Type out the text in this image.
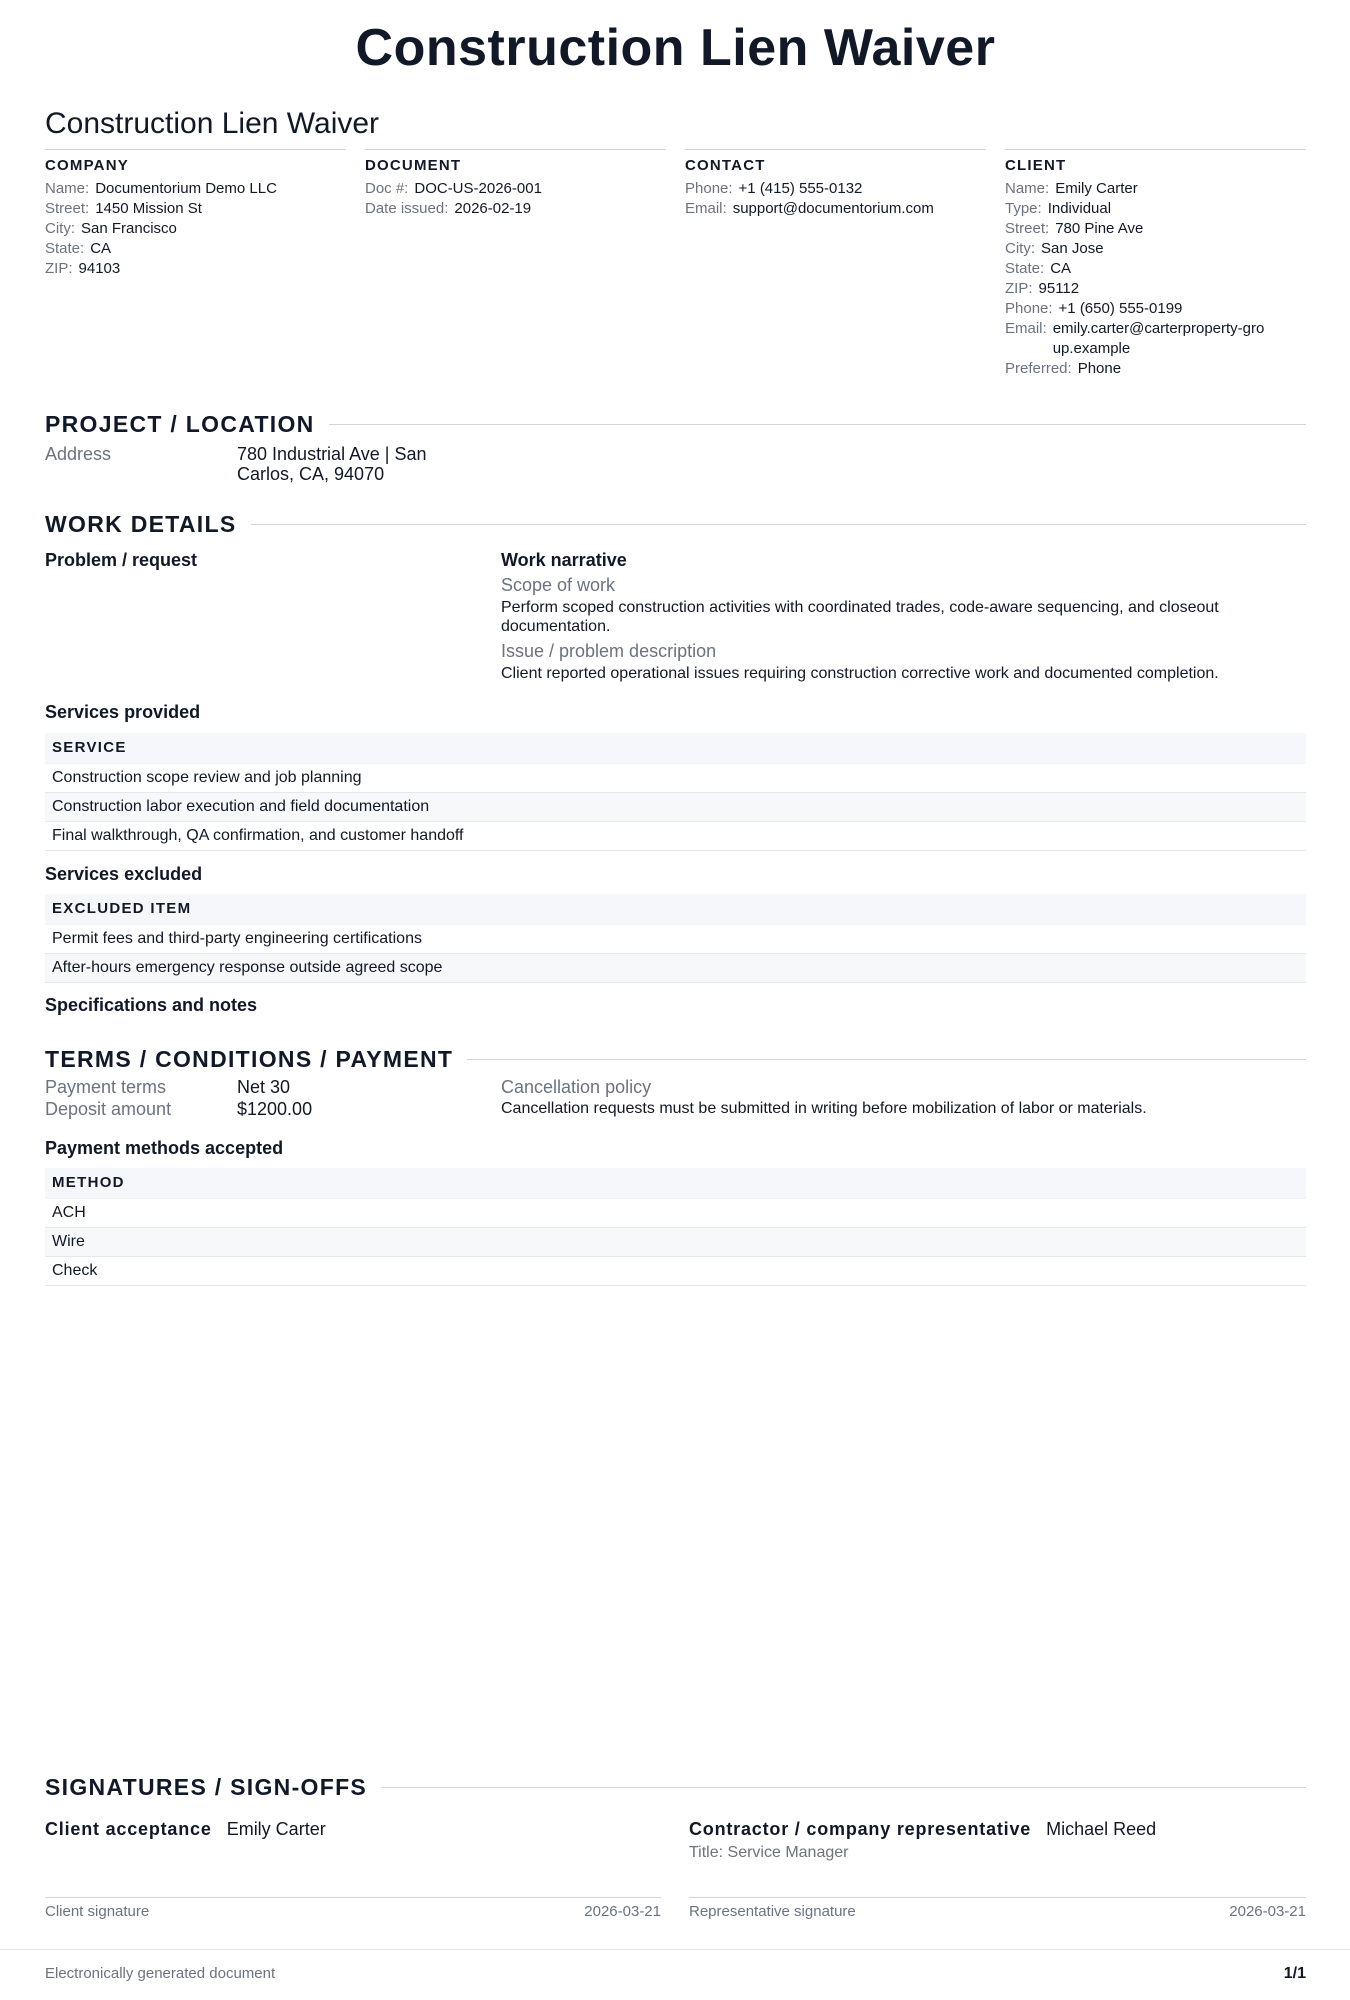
Construction Lien Waiver
Construction Lien Waiver
COMPANY
Name: Documentorium Demo LLC
Street: 1450 Mission St
City: San Francisco
State: CA
ZIP: 94103
DOCUMENT
Doc #: DOC-US-2026-001
Date issued: 2026-02-19
CONTACT
Phone: +1 (415) 555-0132
Email: support@documentorium.com
CLIENT
Name: Emily Carter
Type: Individual
Street: 780 Pine Ave
City: San Jose
State: CA
ZIP: 95112
Phone: +1 (650) 555-0199
Email: emily.carter@carterproperty-group.example
Preferred: Phone
PROJECT / LOCATION
Address	780 Industrial Ave | San Carlos, CA, 94070
WORK DETAILS
Problem / request	Work narrative
Scope of work
Perform scoped construction activities with coordinated trades, code-aware sequencing, and closeout documentation.
Issue / problem description
Client reported operational issues requiring construction corrective work and documented completion.
Services provided
SERVICE
Construction scope review and job planning
Construction labor execution and field documentation
Final walkthrough, QA confirmation, and customer handoff
Services excluded
EXCLUDED ITEM
Permit fees and third-party engineering certifications
After-hours emergency response outside agreed scope
Specifications and notes
TERMS / CONDITIONS / PAYMENT
Payment terms	Net 30
Deposit amount	$1200.00
Cancellation policy
Cancellation requests must be submitted in writing before mobilization of labor or materials.
Payment methods accepted
METHOD
ACH
Wire
Check
SIGNATURES / SIGN-OFFS
Client acceptance Emily Carter
Client signature	2026-03-21
Contractor / company representative Michael Reed
Title: Service Manager
Representative signature	2026-03-21
Electronically generated document	1/1
